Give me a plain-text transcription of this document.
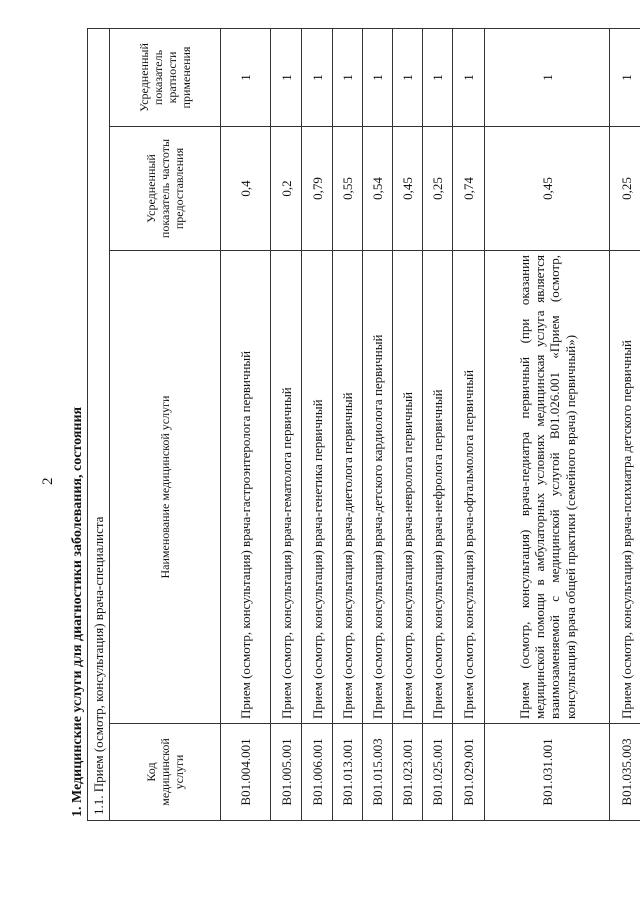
2 1. Медицинские услуги для диагностики заболевания, состояния 1.1. Прием (осмотр, консультация) врача-специалиста			
Код медицинской услуги	Наименование медицинской услуги	Усредненный показатель частоты предоставления	Усредненный показатель кратности применения
B01.004.001	Прием (осмотр, консультация) врача-гастроэнтеролога первичный	0,4	1
B01.005.001	Прием (осмотр, консультация) врача-гематолога первичный	0,2	1
B01.006.001	Прием (осмотр, консультация) врача-генетика первичный	0,79	1
B01.013.001	Прием (осмотр, консультация) врача-диетолога первичный	0,55	1
B01.015.003	Прием (осмотр, консультация) врача-детского кардиолога первичный	0,54	1
B01.023.001	Прием (осмотр, консультация) врача-невролога первичный	0,45	1
B01.025.001	Прием (осмотр, консультация) врача-нефролога первичный	0,25	1
B01.029.001	Прием (осмотр, консультация) врача-офтальмолога первичный	0,74	1
B01.031.001	Прием (осмотр, консультация) врача-педиатра первичный (при оказании медицинской помощи в амбулаторных условиях медицинская услуга является взаимозаменяемой с медицинской услугой B01.026.001 «Прием (осмотр, консультация) врача общей практики (семейного врача) первичный»)	0,45	1
B01.035.003	Прием (осмотр, консультация) врача-психиатра детского первичный	0,25	1
